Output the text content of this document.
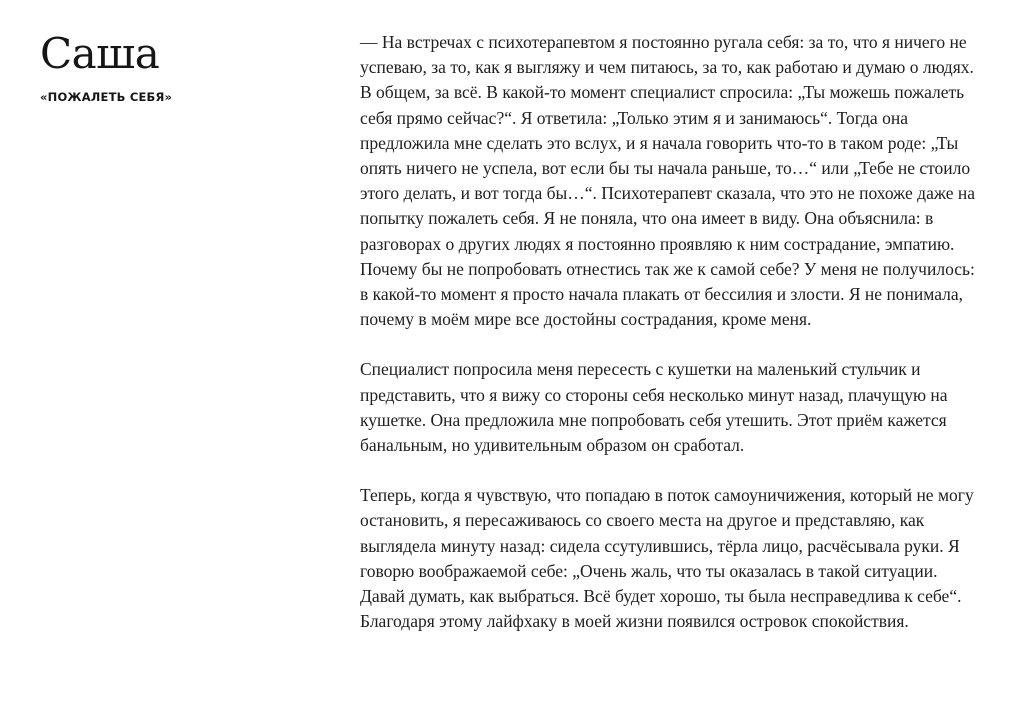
Саша
«ПОЖАЛЕТЬ СЕБЯ»

— На встречах с психотерапевтом я постоянно ругала себя: за то, что я ничего не успеваю, за то, как я выгляжу и чем питаюсь, за то, как работаю и думаю о людях. В общем, за всё. В какой-то момент специалист спросила: „Ты можешь пожалеть себя прямо сейчас?“. Я ответила: „Только этим я и занимаюсь“. Тогда она предложила мне сделать это вслух, и я начала говорить что-то в таком роде: „Ты опять ничего не успела, вот если бы ты начала раньше, то…“ или „Тебе не стоило этого делать, и вот тогда бы…“. Психотерапевт сказала, что это не похоже даже на попытку пожалеть себя. Я не поняла, что она имеет в виду. Она объяснила: в разговорах о других людях я постоянно проявляю к ним сострадание, эмпатию. Почему бы не попробовать отнестись так же к самой себе? У меня не получилось: в какой-то момент я просто начала плакать от бессилия и злости. Я не понимала, почему в моём мире все достойны сострадания, кроме меня.

Специалист попросила меня пересесть с кушетки на маленький стульчик и представить, что я вижу со стороны себя несколько минут назад, плачущую на кушетке. Она предложила мне попробовать себя утешить. Этот приём кажется банальным, но удивительным образом он сработал.

Теперь, когда я чувствую, что попадаю в поток самоуничижения, который не могу остановить, я пересаживаюсь со своего места на другое и представляю, как выглядела минуту назад: сидела ссутулившись, тёрла лицо, расчёсывала руки. Я говорю воображаемой себе: „Очень жаль, что ты оказалась в такой ситуации. Давай думать, как выбраться. Всё будет хорошо, ты была несправедлива к себе“. Благодаря этому лайфхаку в моей жизни появился островок спокойствия.
